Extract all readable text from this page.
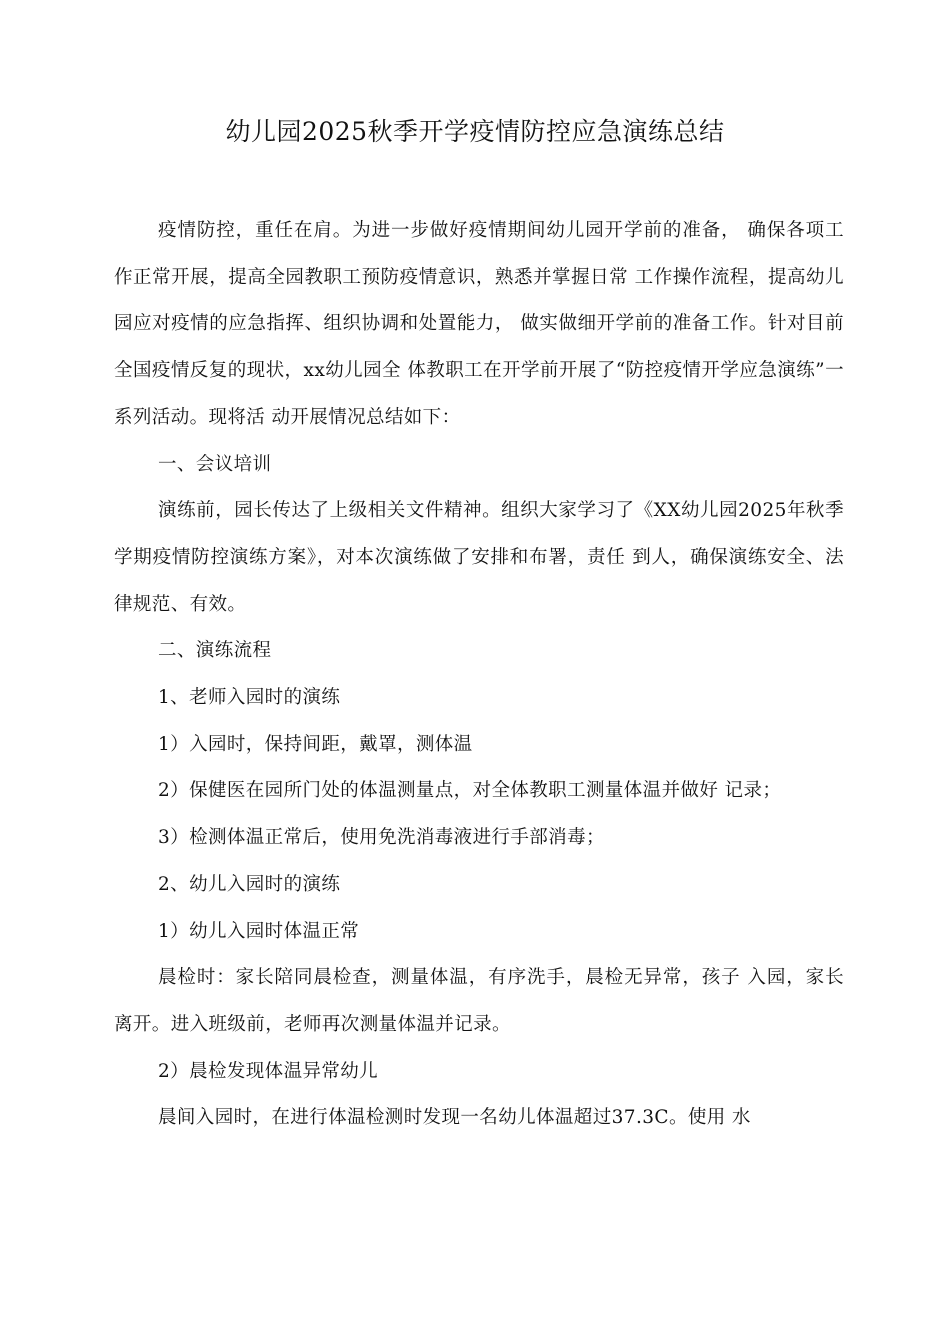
幼儿园2025秋季开学疫情防控应急演练总结

疫情防控，重任在肩。为进一步做好疫情期间幼儿园开学前的准备， 确保各项工作正常开展，提高全园教职工预防疫情意识，熟悉并掌握日常 工作操作流程，提高幼儿园应对疫情的应急指挥、组织协调和处置能力， 做实做细开学前的准备工作。针对目前全国疫情反复的现状，xx幼儿园全 体教职工在开学前开展了“防控疫情开学应急演练”一系列活动。现将活 动开展情况总结如下：

一、会议培训

演练前，园长传达了上级相关文件精神。组织大家学习了《XX幼儿园2025年秋季学期疫情防控演练方案》，对本次演练做了安排和布署，责任 到人，确保演练安全、法律规范、有效。

二、演练流程

1、老师入园时的演练

1）入园时，保持间距，戴罩，测体温

2）保健医在园所门处的体温测量点，对全体教职工测量体温并做好 记录；

3）检测体温正常后，使用免洗消毒液进行手部消毒；

2、幼儿入园时的演练

1）幼儿入园时体温正常

晨检时：家长陪同晨检查，测量体温，有序洗手，晨检无异常，孩子 入园，家长离开。进入班级前，老师再次测量体温并记录。

2）晨检发现体温异常幼儿

晨间入园时，在进行体温检测时发现一名幼儿体温超过37.3C。使用 水
